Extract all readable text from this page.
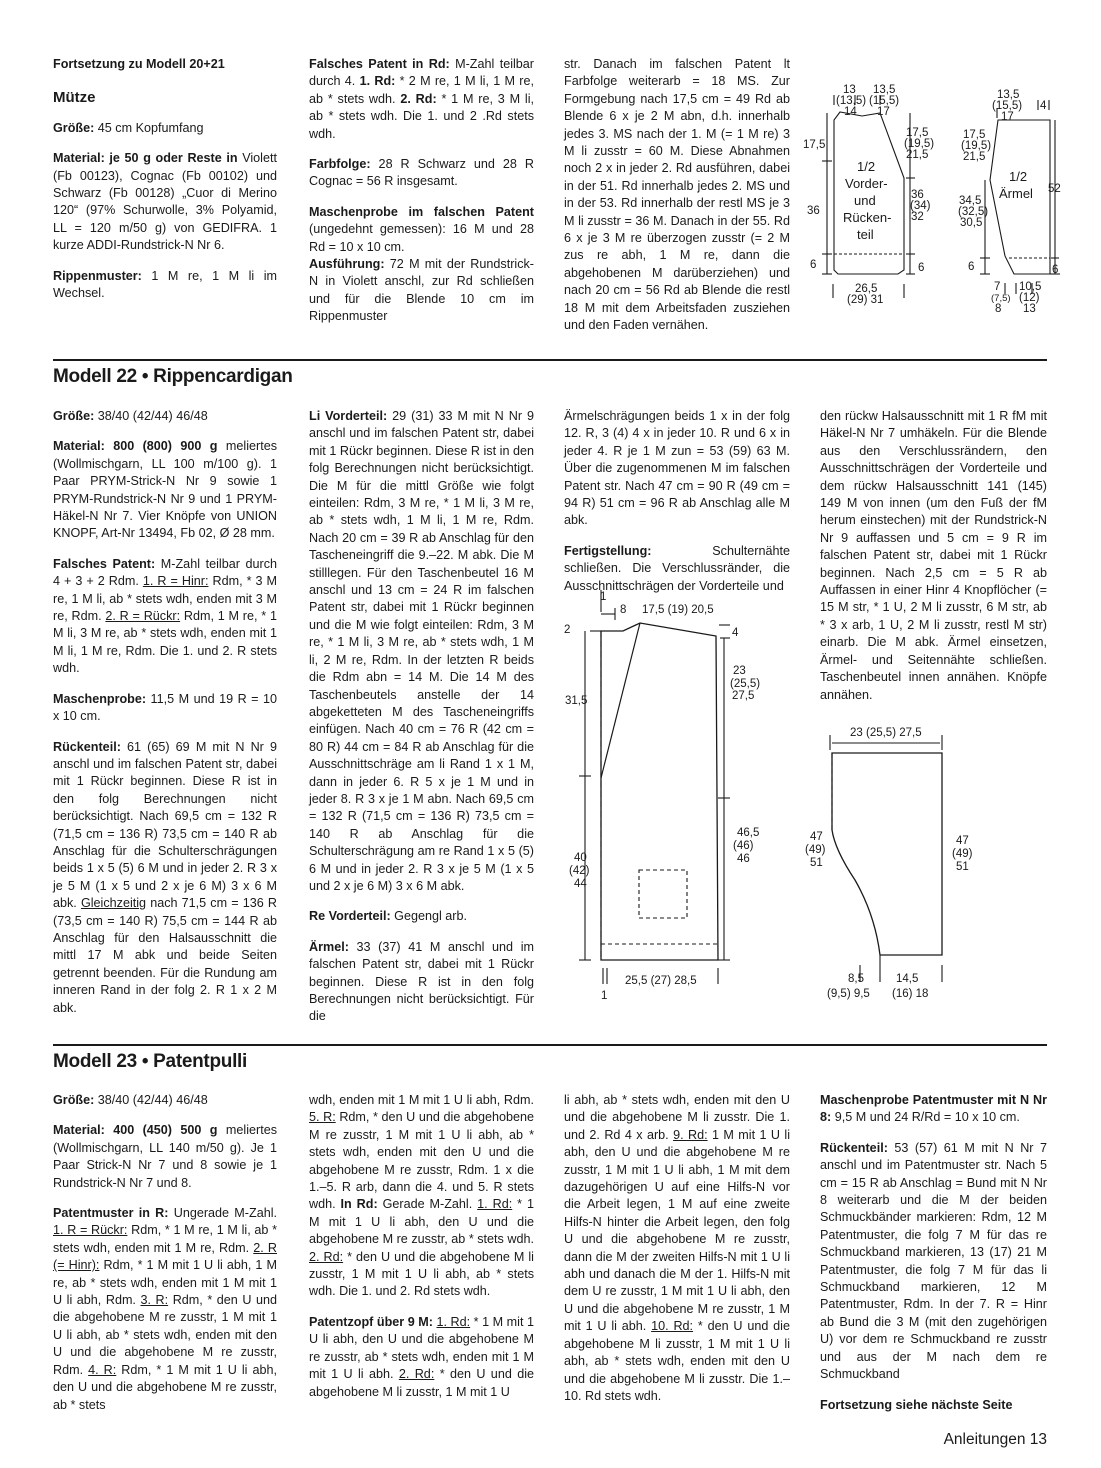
Fortsetzung zu Modell 20+21

Mütze

Größe: 45 cm Kopfumfang

Material: je 50 g oder Reste in Violett (Fb 00123), Cognac (Fb 00102) und Schwarz (Fb 00128) „Cuor di Merino 120“ (97% Schurwolle, 3% Polyamid, LL = 120 m/50 g) von GEDIFRA. 1 kurze ADDI-Rundstrick-N Nr 6.

Rippenmuster: 1 M re, 1 M li im Wechsel.

Falsches Patent in Rd: M-Zahl teilbar durch 4. 1. Rd: * 2 M re, 1 M li, 1 M re, ab * stets wdh. 2. Rd: * 1 M re, 3 M li, ab * stets wdh. Die 1. und 2 .Rd stets wdh.

Farbfolge: 28 R Schwarz und 28 R Cognac = 56 R insgesamt.

Maschenprobe im falschen Patent (ungedehnt gemessen): 16 M und 28 Rd = 10 x 10 cm.

Ausführung: 72 M mit der Rundstrick-N in Violett anschl, zur Rd schließen und für die Blende 10 cm im Rippenmuster

str. Danach im falschen Patent lt Farbfolge weiterarb = 18 MS. Zur Formgebung nach 17,5 cm = 49 Rd ab Blende 6 x je 2 M abn, d.h. innerhalb jedes 3. MS nach der 1. M (= 1 M re) 3 M li zusstr = 60 M. Diese Abnahmen noch 2 x in jeder 2. Rd ausführen, dabei in der 51. Rd innerhalb jedes 2. MS und in der 53. Rd innerhalb der restl MS je 3 M li zusstr = 36 M. Danach in der 55. Rd 6 x je 3 M re überzogen zusstr (= 2 M zus re abh, 1 M re, dann die abgehobenen M darüberziehen) und nach 20 cm = 56 Rd ab Blende die restl 18 M mit dem Arbeitsfaden zusziehen und den Faden vernähen.

13 13,5
(13,5) (15,5)
14 17
17,5
17,5
(19,5)
21,5
1/2
Vorder-
und
Rücken-
teil
36
36
(34)
32
6	6
26,5
(29) 31
13,5
(15,5) 4
17
17,5
(19,5)
21,5
1/2
Ärmel
34,5
(32,5)
30,5
6
7
(7,5)
8
10,5
(12)
13
52
6
Modell 22 • Rippencardigan

Größe: 38/40 (42/44) 46/48

Material: 800 (800) 900 g meliertes (Wollmischgarn, LL 100 m/100 g). 1 Paar PRYM-Strick-N Nr 9 sowie 1 PRYM-Rundstrick-N Nr 9 und 1 PRYM-Häkel-N Nr 7. Vier Knöpfe von UNION KNOPF, Art-Nr 13494, Fb 02, Ø 28 mm.

Falsches Patent: M-Zahl teilbar durch 4 + 3 + 2 Rdm. 1. R = Hinr: Rdm, * 3 M re, 1 M li, ab * stets wdh, enden mit 3 M re, Rdm. 2. R = Rückr: Rdm, 1 M re, * 1 M li, 3 M re, ab * stets wdh, enden mit 1 M li, 1 M re, Rdm. Die 1. und 2. R stets wdh.

Maschenprobe: 11,5 M und 19 R = 10 x 10 cm.

Rückenteil: 61 (65) 69 M mit N Nr 9 anschl und im falschen Patent str, dabei mit 1 Rückr beginnen. Diese R ist in den folg Berechnungen nicht berücksichtigt. Nach 69,5 cm = 132 R (71,5 cm = 136 R) 73,5 cm = 140 R ab Anschlag für die Schulterschrägungen beids 1 x 5 (5) 6 M und in jeder 2. R 3 x je 5 M (1 x 5 und 2 x je 6 M) 3 x 6 M abk. Gleichzeitig nach 71,5 cm = 136 R (73,5 cm = 140 R) 75,5 cm = 144 R ab Anschlag für den Halsausschnitt die mittl 17 M abk und beide Seiten getrennt beenden. Für die Rundung am inneren Rand in der folg 2. R 1 x 2 M abk.

Li Vorderteil: 29 (31) 33 M mit N Nr 9 anschl und im falschen Patent str, dabei mit 1 Rückr beginnen. Diese R ist in den folg Berechnungen nicht berücksichtigt. Die M für die mittl Größe wie folgt einteilen: Rdm, 3 M re, * 1 M li, 3 M re, ab * stets wdh, 1 M li, 1 M re, Rdm. Nach 20 cm = 39 R ab Anschlag für den Tascheneingriff die 9.–22. M abk. Die M stilllegen. Für den Taschenbeutel 16 M anschl und 13 cm = 24 R im falschen Patent str, dabei mit 1 Rückr beginnen und die M wie folgt einteilen: Rdm, 3 M re, * 1 M li, 3 M re, ab * stets wdh, 1 M li, 2 M re, Rdm. In der letzten R beids die Rdm abn = 14 M. Die 14 M des Taschenbeutels anstelle der 14 abgeketteten M des Tascheneingriffs einfügen. Nach 40 cm = 76 R (42 cm = 80 R) 44 cm = 84 R ab Anschlag für die Ausschnittschräge am li Rand 1 x 1 M, dann in jeder 6. R 5 x je 1 M und in jeder 8. R 3 x je 1 M abn. Nach 69,5 cm = 132 R (71,5 cm = 136 R) 73,5 cm = 140 R ab Anschlag für die Schulterschrägung am re Rand 1 x 5 (5) 6 M und in jeder 2. R 3 x je 5 M (1 x 5 und 2 x je 6 M) 3 x 6 M abk.

Re Vorderteil: Gegengl arb.

Ärmel: 33 (37) 41 M anschl und im falschen Patent str, dabei mit 1 Rückr beginnen. Diese R ist in den folg Berechnungen nicht berücksichtigt. Für die

Ärmelschrägungen beids 1 x in der folg 12. R, 3 (4) 4 x in jeder 10. R und 6 x in jeder 4. R je 1 M zun = 53 (59) 63 M. Über die zugenommenen M im falschen Patent str. Nach 47 cm = 90 R (49 cm = 94 R) 51 cm = 96 R ab Anschlag alle M abk.

Fertigstellung: Schulternähte schließen. Die Verschlussränder, die Ausschnittschrägen der Vorderteile und

den rückw Halsausschnitt mit 1 R fM mit Häkel-N Nr 7 umhäkeln. Für die Blende aus den Verschlussrändern, den Ausschnittschrägen der Vorderteile und dem rückw Halsausschnitt 141 (145) 149 M von innen (um den Fuß der fM herum einstechen) mit der Rundstrick-N Nr 9 auffassen und 5 cm = 9 R im falschen Patent str, dabei mit 1 Rückr beginnen. Nach 2,5 cm = 5 R ab Auffassen in einer Hinr 4 Knopflöcher (= 15 M str, * 1 U, 2 M li zusstr, 6 M str, ab * 3 x arb, 1 U, 2 M li zusstr, restl M str) einarb. Die M abk. Ärmel einsetzen, Ärmel- und Seitennähte schließen. Taschenbeutel innen annähen. Knöpfe annähen.

1
8 17,5 (19) 20,5
2	4
31,5
23
(25,5)
27,5
46,5
(46)
46
40
(42)
44
25,5 (27) 28,5
1
23 (25,5) 27,5
47
(49)
51
47
(49)
51
8,5	14,5
(9,5) 9,5 (16) 18
Modell 23 • Patentpulli

Größe: 38/40 (42/44) 46/48

Material: 400 (450) 500 g meliertes (Wollmischgarn, LL 140 m/50 g). Je 1 Paar Strick-N Nr 7 und 8 sowie je 1 Rundstrick-N Nr 7 und 8.

Patentmuster in R: Ungerade M-Zahl. 1. R = Rückr: Rdm, * 1 M re, 1 M li, ab * stets wdh, enden mit 1 M re, Rdm. 2. R (= Hinr): Rdm, * 1 M mit 1 U li abh, 1 M re, ab * stets wdh, enden mit 1 M mit 1 U li abh, Rdm. 3. R: Rdm, * den U und die abgehobene M re zusstr, 1 M mit 1 U li abh, ab * stets wdh, enden mit den U und die abgehobene M re zusstr, Rdm. 4. R: Rdm, * 1 M mit 1 U li abh, den U und die abgehobene M re zusstr, ab * stets

wdh, enden mit 1 M mit 1 U li abh, Rdm. 5. R: Rdm, * den U und die abgehobene M re zusstr, 1 M mit 1 U li abh, ab * stets wdh, enden mit den U und die abgehobene M re zusstr, Rdm. 1 x die 1.–5. R arb, dann die 4. und 5. R stets wdh. In Rd: Gerade M-Zahl. 1. Rd: * 1 M mit 1 U li abh, den U und die abgehobene M re zusstr, ab * stets wdh. 2. Rd: * den U und die abgehobene M li zusstr, 1 M mit 1 U li abh, ab * stets wdh. Die 1. und 2. Rd stets wdh.

Patentzopf über 9 M: 1. Rd: * 1 M mit 1 U li abh, den U und die abgehobene M re zusstr, ab * stets wdh, enden mit 1 M mit 1 U li abh. 2. Rd: * den U und die abgehobene M li zusstr, 1 M mit 1 U

li abh, ab * stets wdh, enden mit den U und die abgehobene M li zusstr. Die 1. und 2. Rd 4 x arb. 9. Rd: 1 M mit 1 U li abh, den U und die abgehobene M re zusstr, 1 M mit 1 U li abh, 1 M mit dem dazugehörigen U auf eine Hilfs-N vor die Arbeit legen, 1 M auf eine zweite Hilfs-N hinter die Arbeit legen, den folg U und die abgehobene M re zusstr, dann die M der zweiten Hilfs-N mit 1 U li abh und danach die M der 1. Hilfs-N mit dem U re zusstr, 1 M mit 1 U li abh, den U und die abgehobene M re zusstr, 1 M mit 1 U li abh. 10. Rd: * den U und die abgehobene M li zusstr, 1 M mit 1 U li abh, ab * stets wdh, enden mit den U und die abgehobene M li zusstr. Die 1.–10. Rd stets wdh.

Maschenprobe Patentmuster mit N Nr 8: 9,5 M und 24 R/Rd = 10 x 10 cm.

Rückenteil: 53 (57) 61 M mit N Nr 7 anschl und im Patentmuster str. Nach 5 cm = 15 R ab Anschlag = Bund mit N Nr 8 weiterarb und die M der beiden Schmuckbänder markieren: Rdm, 12 M Patentmuster, die folg 7 M für das re Schmuckband markieren, 13 (17) 21 M Patentmuster, die folg 7 M für das li Schmuckband markieren, 12 M Patentmuster, Rdm. In der 7. R = Hinr ab Bund die 3 M (mit den zugehörigen U) vor dem re Schmuckband re zusstr und aus der M nach dem re Schmuckband

Fortsetzung siehe nächste Seite

Anleitungen 13
